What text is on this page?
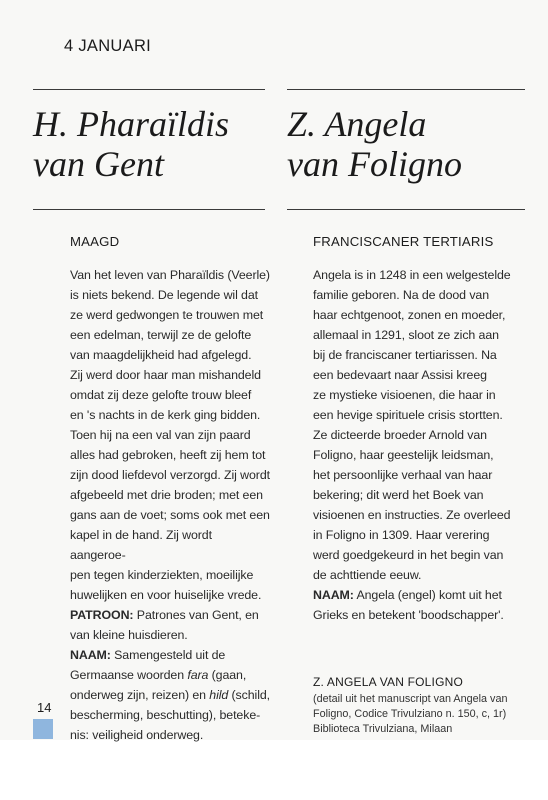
4 JANUARI
H. Pharaïldis
van Gent
MAAGD

Van het leven van Pharaïldis (Veerle)

is niets bekend. De legende wil dat

ze werd gedwongen te trouwen met

een edelman, terwijl ze de gelofte

van maagdelijkheid had afgelegd.

Zij werd door haar man mishandeld

omdat zij deze gelofte trouw bleef

en 's nachts in de kerk ging bidden.

Toen hij na een val van zijn paard

alles had gebroken, heeft zij hem tot

zijn dood liefdevol verzorgd. Zij wordt

afgebeeld met drie broden; met een

gans aan de voet; soms ook met een

kapel in de hand. Zij wordt aangeroe-

pen tegen kinderziekten, moeilijke

huwelijken en voor huiselijke vrede.

PATROON: Patrones van Gent, en

van kleine huisdieren.

NAAM: Samengesteld uit de

Germaanse woorden fara (gaan,

onderweg zijn, reizen) en hild (schild,

bescherming, beschutting), beteke-

nis: veiligheid onderweg.

Z. Angela
van Foligno
FRANCISCANER TERTIARIS

Angela is in 1248 in een welgestelde

familie geboren. Na de dood van

haar echtgenoot, zonen en moeder,

allemaal in 1291, sloot ze zich aan

bij de franciscaner tertiarissen. Na

een bedevaart naar Assisi kreeg

ze mystieke visioenen, die haar in

een hevige spirituele crisis stortten.

Ze dicteerde broeder Arnold van

Foligno, haar geestelijk leidsman,

het persoonlijke verhaal van haar

bekering; dit werd het Boek van

visioenen en instructies. Ze overleed

in Foligno in 1309. Haar verering

werd goedgekeurd in het begin van

de achttiende eeuw.

NAAM: Angela (engel) komt uit het

Grieks en betekent 'boodschapper'.

Z. ANGELA VAN FOLIGNO
(detail uit het manuscript van Angela van
Foligno, Codice Trivulziano n. 150, c, 1r)
Biblioteca Trivulziana, Milaan
14
